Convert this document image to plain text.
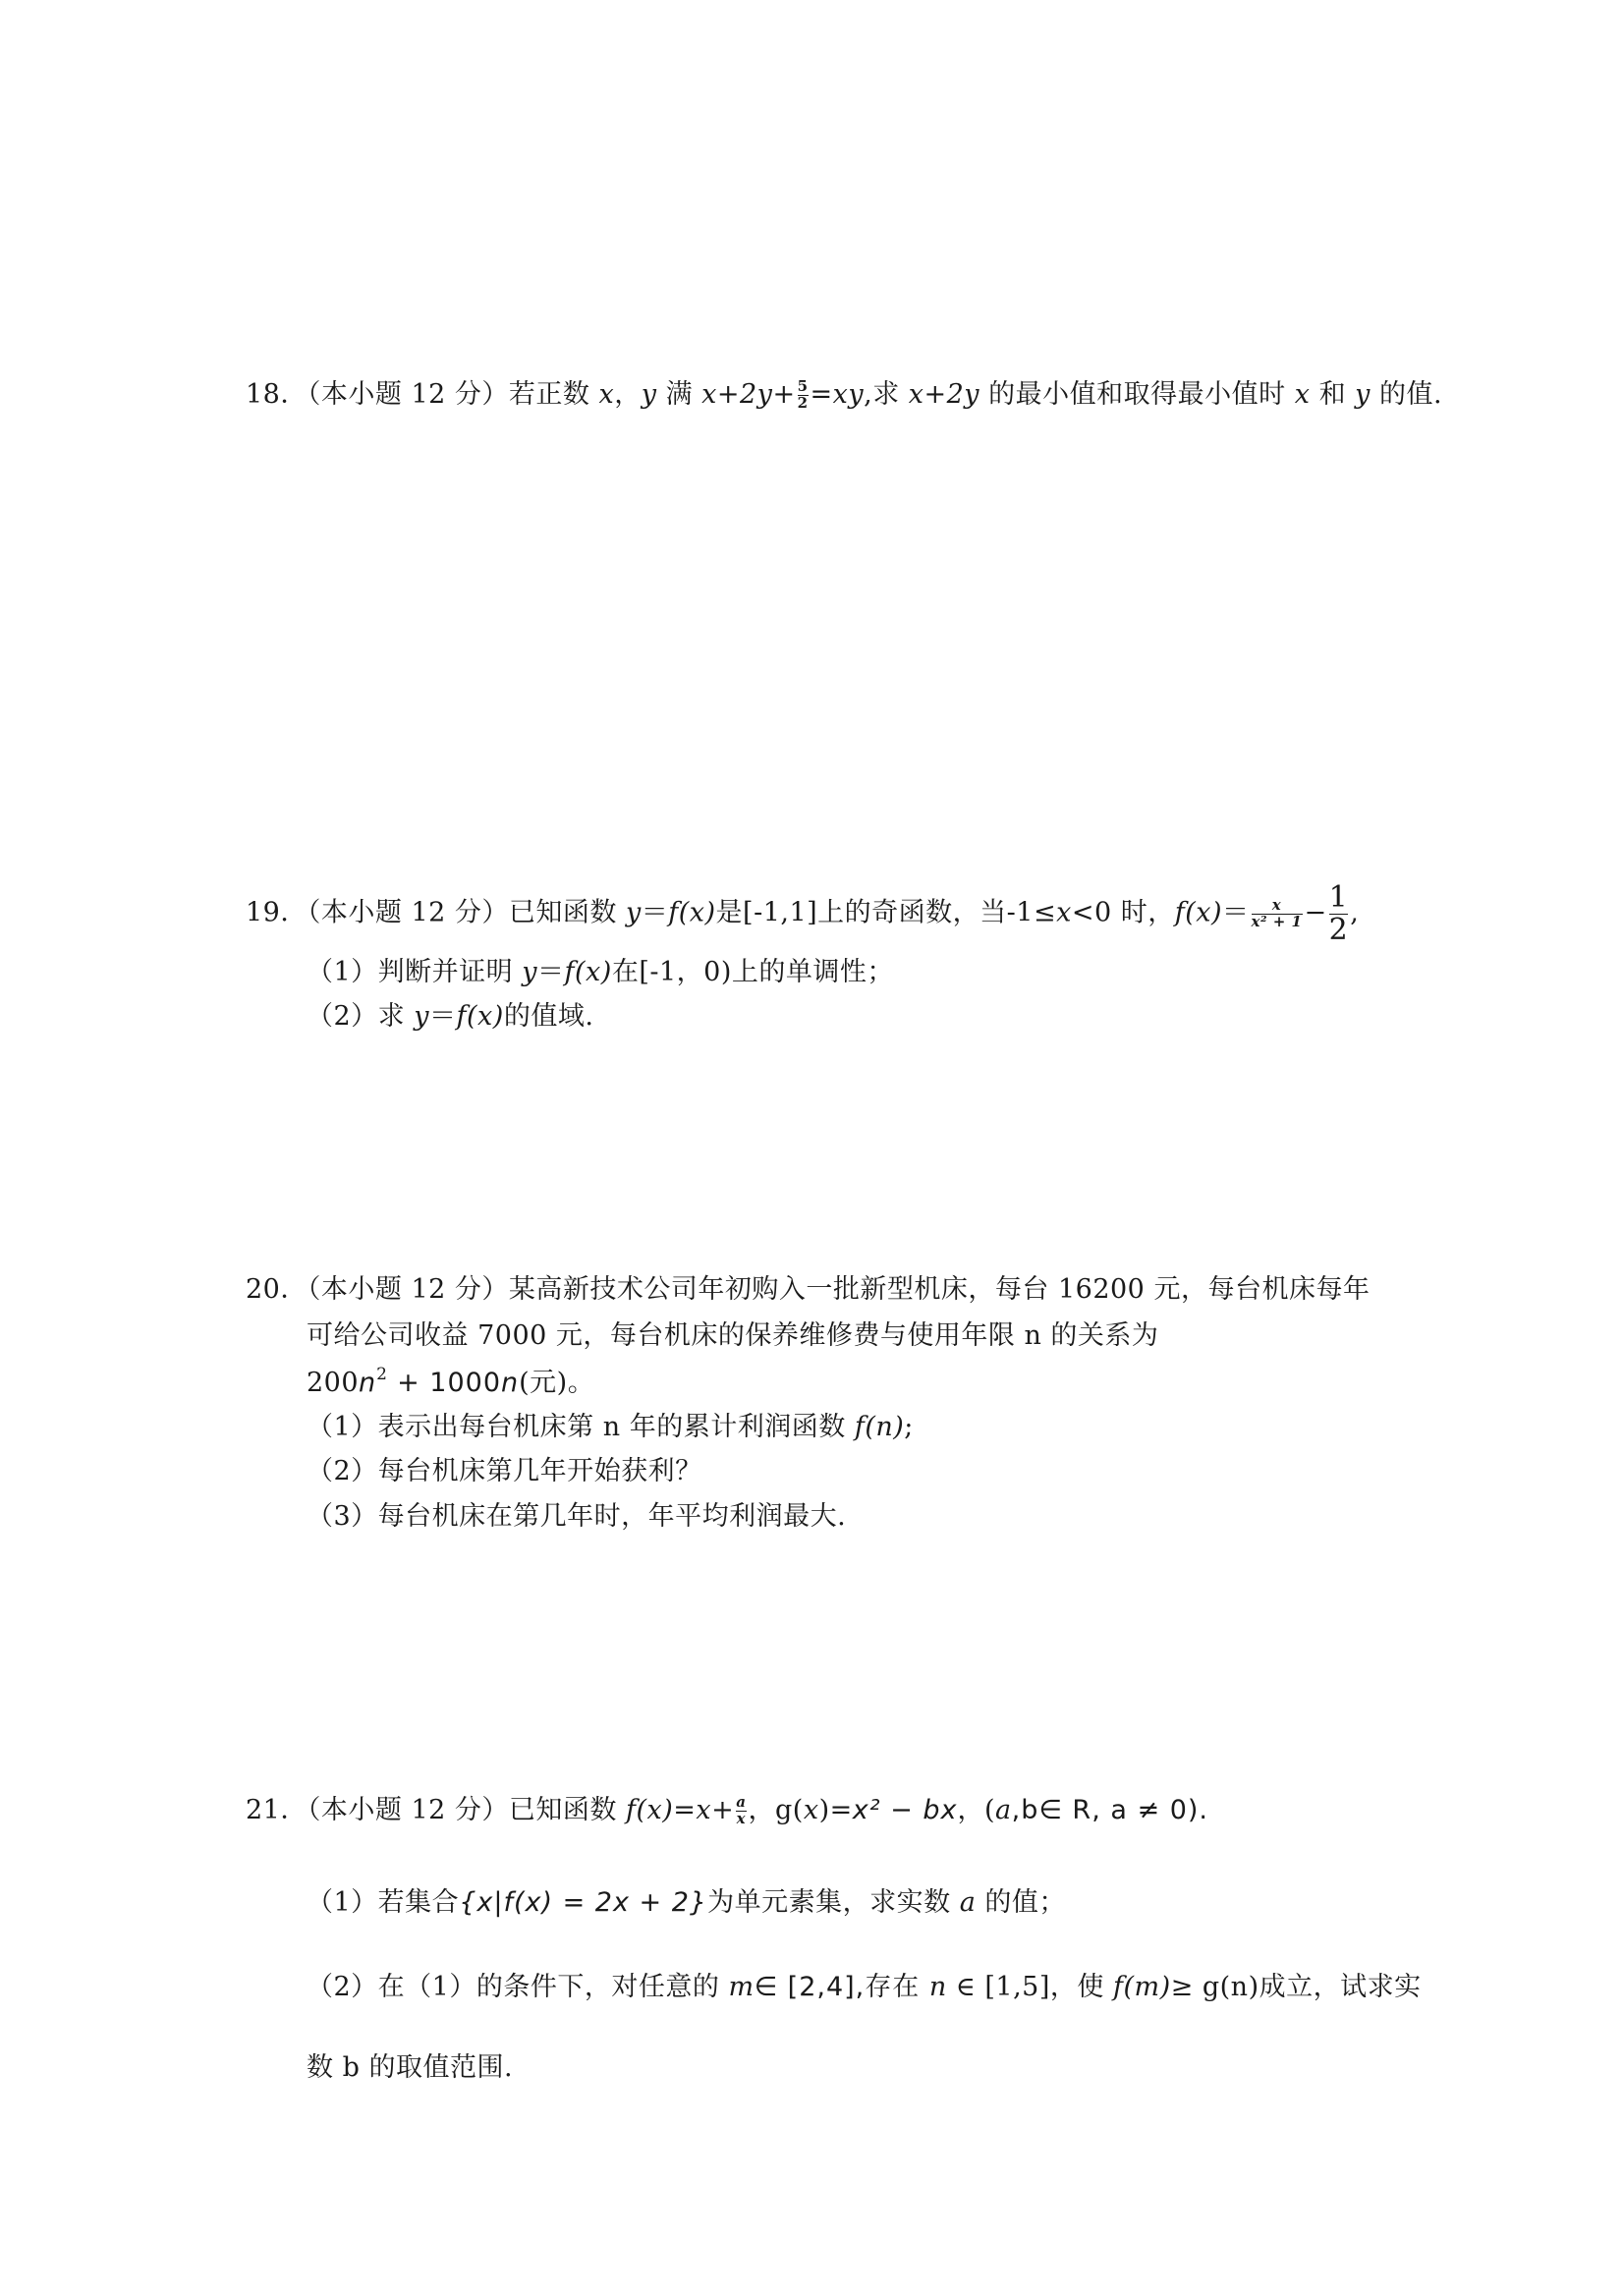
18．（本小题 12 分）若正数 x，y 满 $x+2y+ \frac{5}{2} =xy$,求 x+2y 的最小值和取得最小值时 x 和 y 的值.
19．（本小题 12 分）已知函数 y＝f(x)是[-1,1]上的奇函数，当-1≤x<0 时，$f(x)= \frac{x}{\text{x² + 1}} - \frac{1}{2}$ ,
（1）判断并证明 y＝f(x)在[-1，0)上的单调性；
（2）求 y＝f(x)的值域.
20．（本小题 12 分）某高新技术公司年初购入一批新型机床，每台 16200 元，每台机床每年
可给公司收益 7000 元，每台机床的保养维修费与使用年限 n 的关系为
$200n^2 + 1000n$(元)。
（1）表示出每台机床第 n 年的累计利润函数 f(n);
（2）每台机床第几年开始获利？
（3）每台机床在第几年时，年平均利润最大.
21．（本小题 12 分）已知函数 $f(x)=x+ \frac{a}{x}$ ，g(x)=x² − bx，(a,b∈ R, a ≠ 0).
（1）若集合{x|f(x) = 2x + 2}为单元素集，求实数 a 的值；
（2）在（1）的条件下，对任意的 m∈ [2,4],存在 n ∈ [1,5]，使 f(m)≥ g(n)成立，试求实
数 b 的取值范围.
